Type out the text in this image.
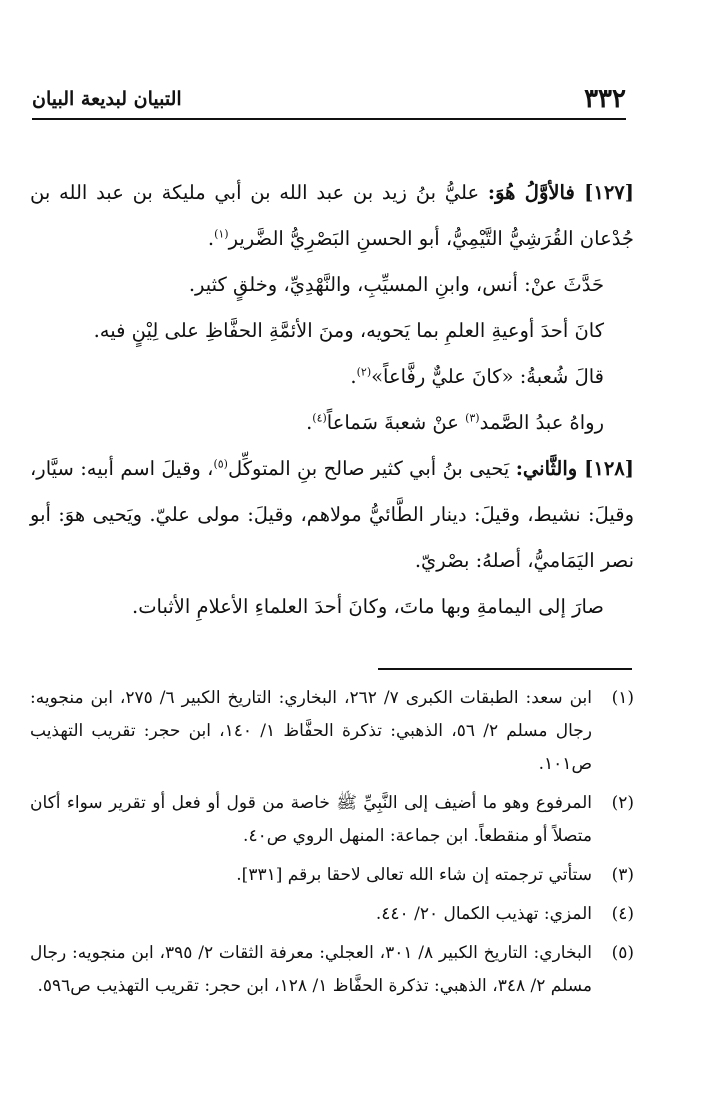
٣٣٢
التبيان لبديعة البيان

[١٢٧] فالأوَّلُ هُوَ: عليُّ بنُ زيد بن عبد الله بن أبي مليكة بن عبد الله بن جُدْعان القُرَشِيُّ التَّيْمِيُّ، أبو الحسنِ البَصْرِيُّ الضَّرير$^{(١)}$.

حَدَّثَ عنْ: أنس، وابنِ المسيِّبِ، والنَّهْدِيِّ، وخلقٍ كثير.

كانَ أحدَ أوعيةِ العلمِ بما يَحويه، ومنَ الأئمَّةِ الحفَّاظِ على لِيْنٍ فيه.

قالَ شُعبةُ: «كانَ عليٌّ رفَّاعاً»$^{(٢)}$.

رواهُ عبدُ الصَّمد$^{(٣)}$ عنْ شعبةَ سَماعاً$^{(٤)}$.

[١٢٨] والثَّاني: يَحيى بنُ أبي كثير صالح بنِ المتوكِّل$^{(٥)}$، وقيلَ اسم أبيه: سيَّار، وقيلَ: نشيط، وقيلَ: دينار الطَّائيُّ مولاهم، وقيلَ: مولى عليّ. ويَحيى هوَ: أبو نصر اليَمَاميُّ، أصلهُ: بصْريّ.

صارَ إلى اليمامةِ وبها ماتَ، وكانَ أحدَ العلماءِ الأعلامِ الأثبات.

(١)
ابن سعد: الطبقات الكبرى ٧/ ٢٦٢، البخاري: التاريخ الكبير ٦/ ٢٧٥، ابن منجويه: رجال مسلم ٢/ ٥٦، الذهبي: تذكرة الحفَّاظ ١/ ١٤٠، ابن حجر: تقريب التهذيب ص١٠١.
(٢)
المرفوع وهو ما أضيف إلى النَّبِيِّ ﷺ خاصة من قول أو فعل أو تقرير سواء أكان متصلاً أو منقطعاً. ابن جماعة: المنهل الروي ص٤٠.
(٣)
ستأتي ترجمته إن شاء الله تعالى لاحقا برقم [٣٣١].
(٤)
المزي: تهذيب الكمال ٢٠/ ٤٤٠.
(٥)
البخاري: التاريخ الكبير ٨/ ٣٠١، العجلي: معرفة الثقات ٢/ ٣٩٥، ابن منجويه: رجال مسلم ٢/ ٣٤٨، الذهبي: تذكرة الحفَّاظ ١/ ١٢٨، ابن حجر: تقريب التهذيب ص٥٩٦.
